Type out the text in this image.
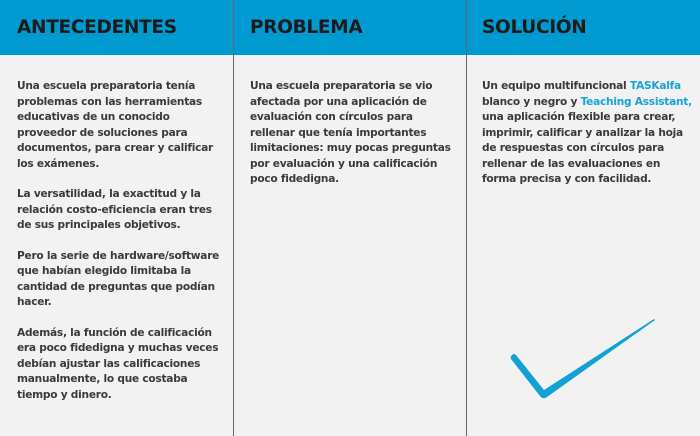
ANTECEDENTES

Una escuela preparatoria tenía problemas con las herramientas educativas de un conocido proveedor de soluciones para documentos, para crear y calificar los exámenes.

La versatilidad, la exactitud y la relación costo-eficiencia eran tres de sus principales objetivos.

Pero la serie de hardware/software que habían elegido limitaba la cantidad de preguntas que podían hacer.

Además, la función de calificación era poco fidedigna y muchas veces debían ajustar las calificaciones manualmente, lo que costaba tiempo y dinero.

PROBLEMA

Una escuela preparatoria se vio afectada por una aplicación de evaluación con círculos para rellenar que tenía importantes limitaciones: muy pocas preguntas por evaluación y una calificación poco fidedigna.

SOLUCIÓN

Un equipo multifuncional TASKalfa blanco y negro y Teaching Assistant, una aplicación flexible para crear, imprimir, calificar y analizar la hoja de respuestas con círculos para rellenar de las evaluaciones en forma precisa y con facilidad.
